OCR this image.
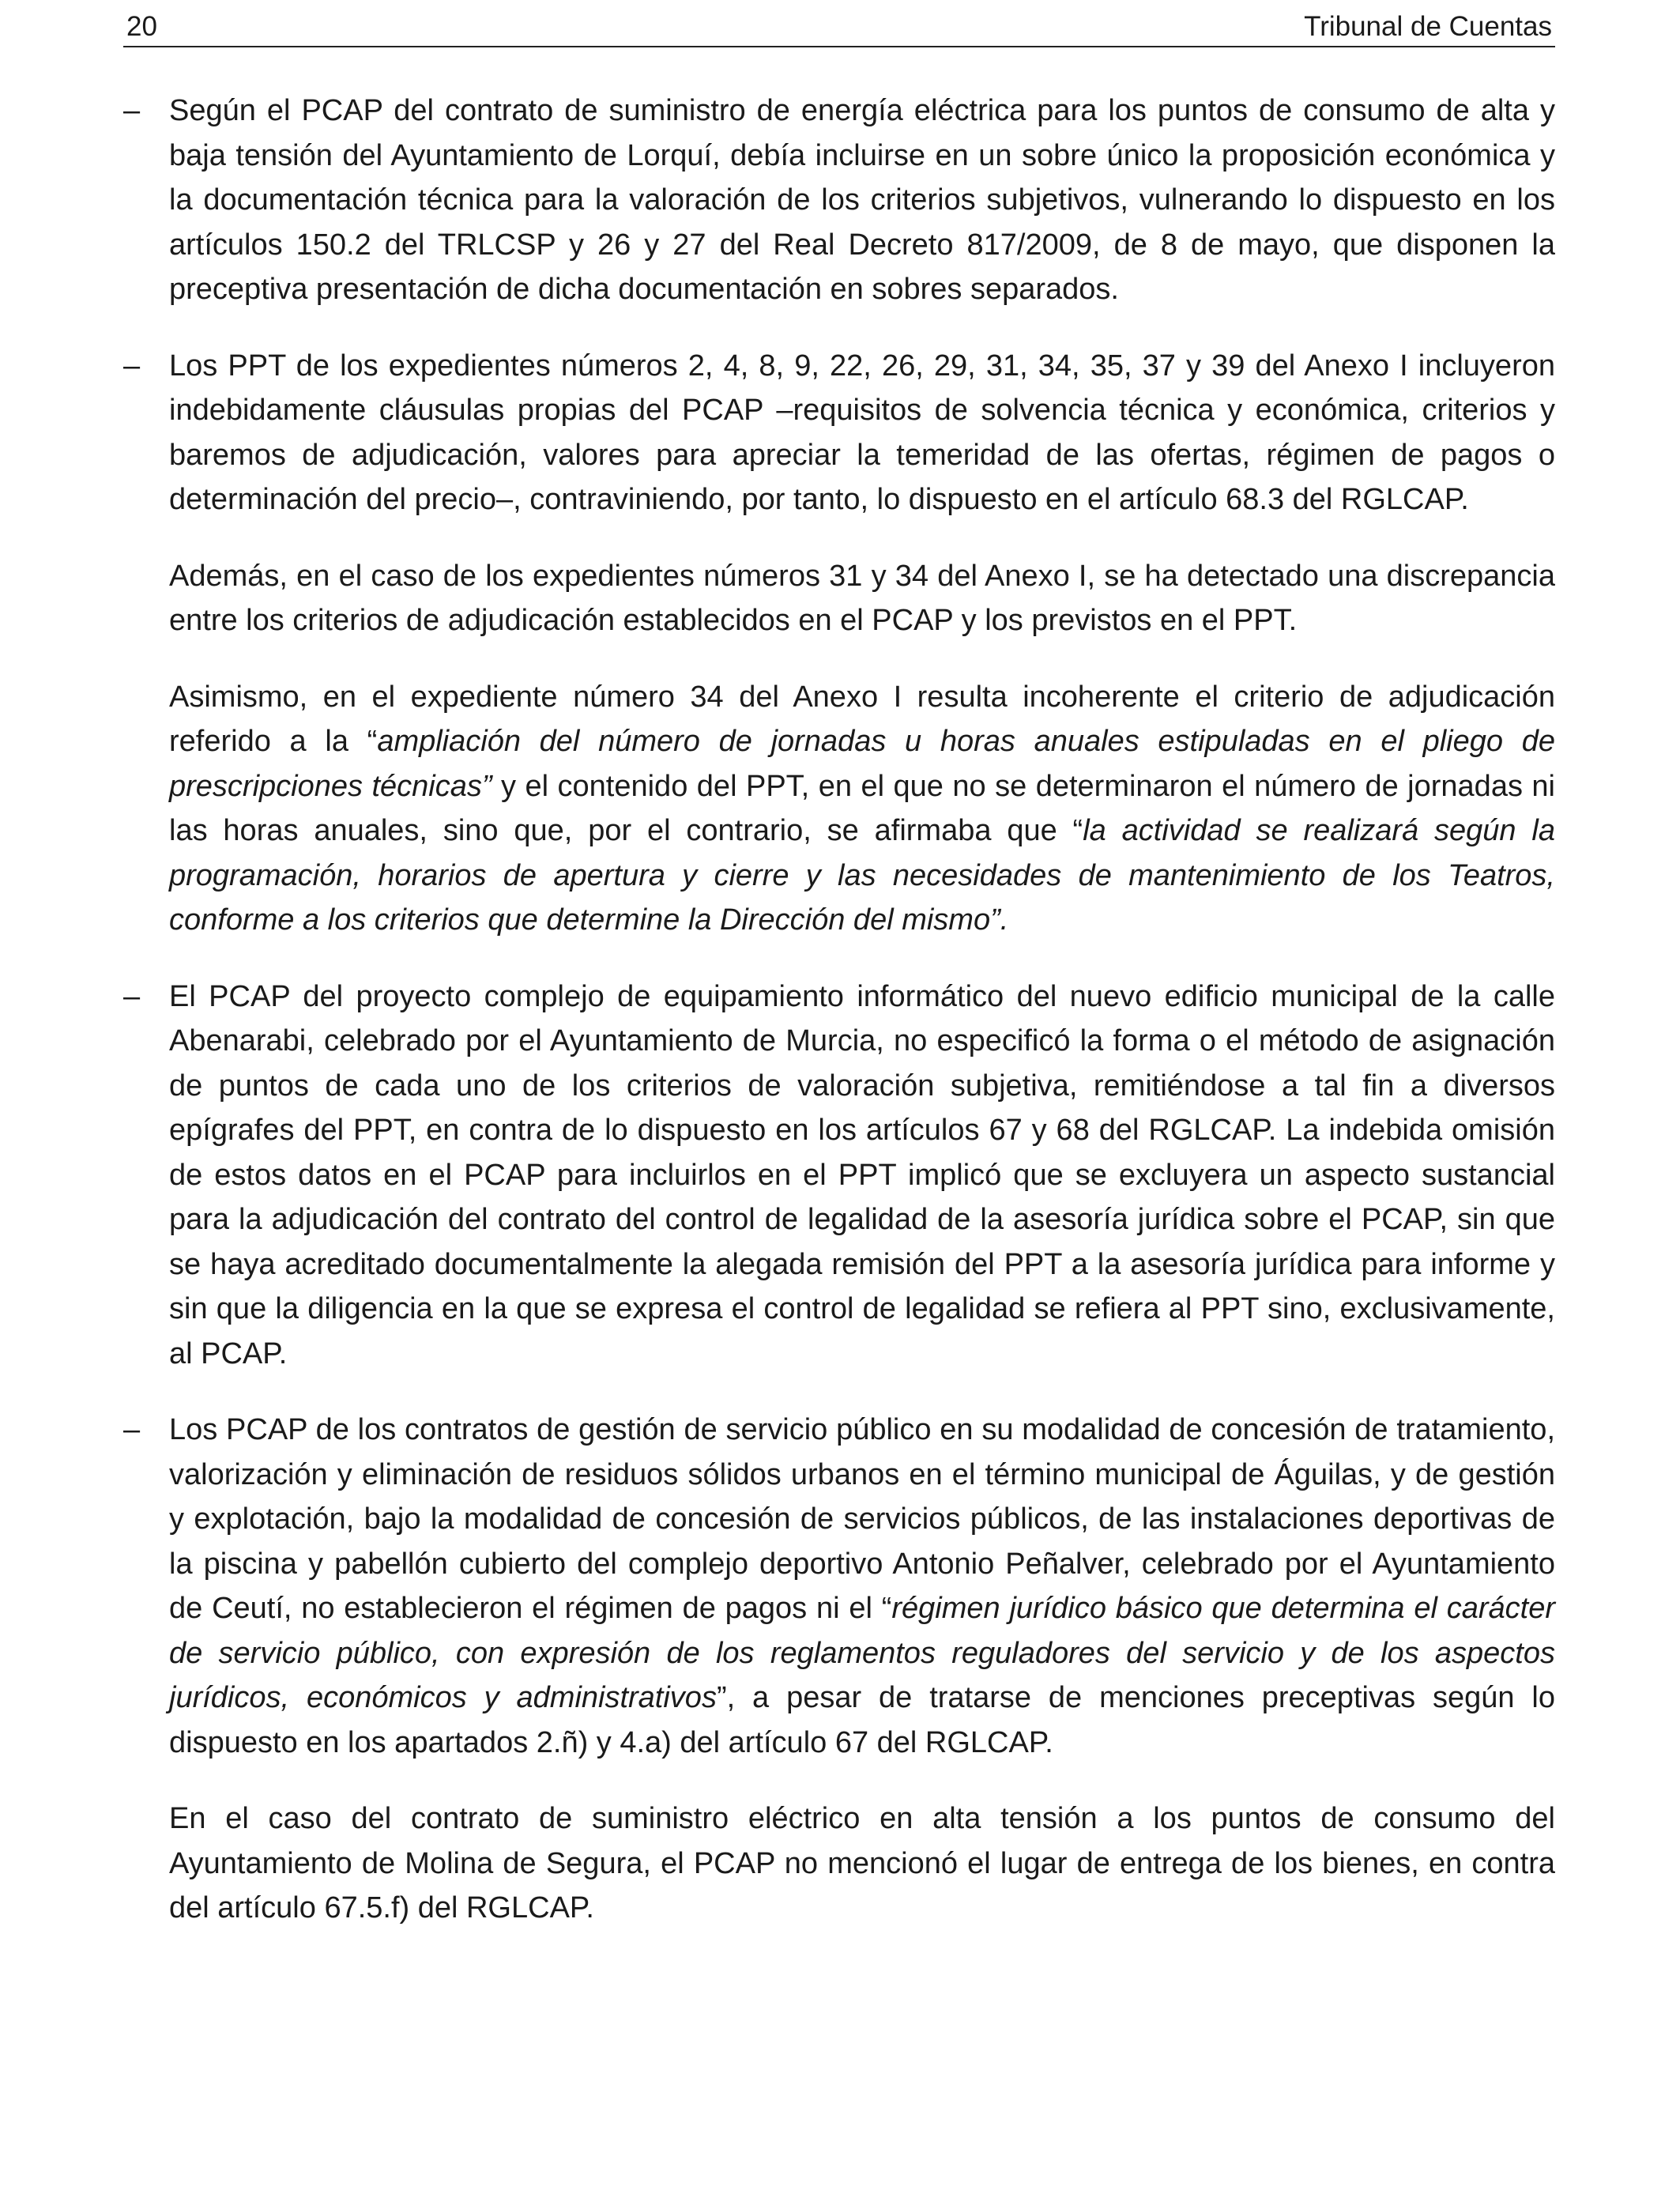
20	Tribunal de Cuentas
– Según el PCAP del contrato de suministro de energía eléctrica para los puntos de consumo de alta y baja tensión del Ayuntamiento de Lorquí, debía incluirse en un sobre único la proposición económica y la documentación técnica para la valoración de los criterios subjetivos, vulnerando lo dispuesto en los artículos 150.2 del TRLCSP y 26 y 27 del Real Decreto 817/2009, de 8 de mayo, que disponen la preceptiva presentación de dicha documentación en sobres separados.

– Los PPT de los expedientes números 2, 4, 8, 9, 22, 26, 29, 31, 34, 35, 37 y 39 del Anexo I incluyeron indebidamente cláusulas propias del PCAP –requisitos de solvencia técnica y económica, criterios y baremos de adjudicación, valores para apreciar la temeridad de las ofertas, régimen de pagos o determinación del precio–, contraviniendo, por tanto, lo dispuesto en el artículo 68.3 del RGLCAP.

Además, en el caso de los expedientes números 31 y 34 del Anexo I, se ha detectado una discrepancia entre los criterios de adjudicación establecidos en el PCAP y los previstos en el PPT.

Asimismo, en el expediente número 34 del Anexo I resulta incoherente el criterio de adjudicación referido a la “ampliación del número de jornadas u horas anuales estipuladas en el pliego de prescripciones técnicas” y el contenido del PPT, en el que no se determinaron el número de jornadas ni las horas anuales, sino que, por el contrario, se afirmaba que “la actividad se realizará según la programación, horarios de apertura y cierre y las necesidades de mantenimiento de los Teatros, conforme a los criterios que determine la Dirección del mismo”.

– El PCAP del proyecto complejo de equipamiento informático del nuevo edificio municipal de la calle Abenarabi, celebrado por el Ayuntamiento de Murcia, no especificó la forma o el método de asignación de puntos de cada uno de los criterios de valoración subjetiva, remitiéndose a tal fin a diversos epígrafes del PPT, en contra de lo dispuesto en los artículos 67 y 68 del RGLCAP. La indebida omisión de estos datos en el PCAP para incluirlos en el PPT implicó que se excluyera un aspecto sustancial para la adjudicación del contrato del control de legalidad de la asesoría jurídica sobre el PCAP, sin que se haya acreditado documentalmente la alegada remisión del PPT a la asesoría jurídica para informe y sin que la diligencia en la que se expresa el control de legalidad se refiera al PPT sino, exclusivamente, al PCAP.

– Los PCAP de los contratos de gestión de servicio público en su modalidad de concesión de tratamiento, valorización y eliminación de residuos sólidos urbanos en el término municipal de Águilas, y de gestión y explotación, bajo la modalidad de concesión de servicios públicos, de las instalaciones deportivas de la piscina y pabellón cubierto del complejo deportivo Antonio Peñalver, celebrado por el Ayuntamiento de Ceutí, no establecieron el régimen de pagos ni el “régimen jurídico básico que determina el carácter de servicio público, con expresión de los reglamentos reguladores del servicio y de los aspectos jurídicos, económicos y administrativos”, a pesar de tratarse de menciones preceptivas según lo dispuesto en los apartados 2.ñ) y 4.a) del artículo 67 del RGLCAP.

En el caso del contrato de suministro eléctrico en alta tensión a los puntos de consumo del Ayuntamiento de Molina de Segura, el PCAP no mencionó el lugar de entrega de los bienes, en contra del artículo 67.5.f) del RGLCAP.
